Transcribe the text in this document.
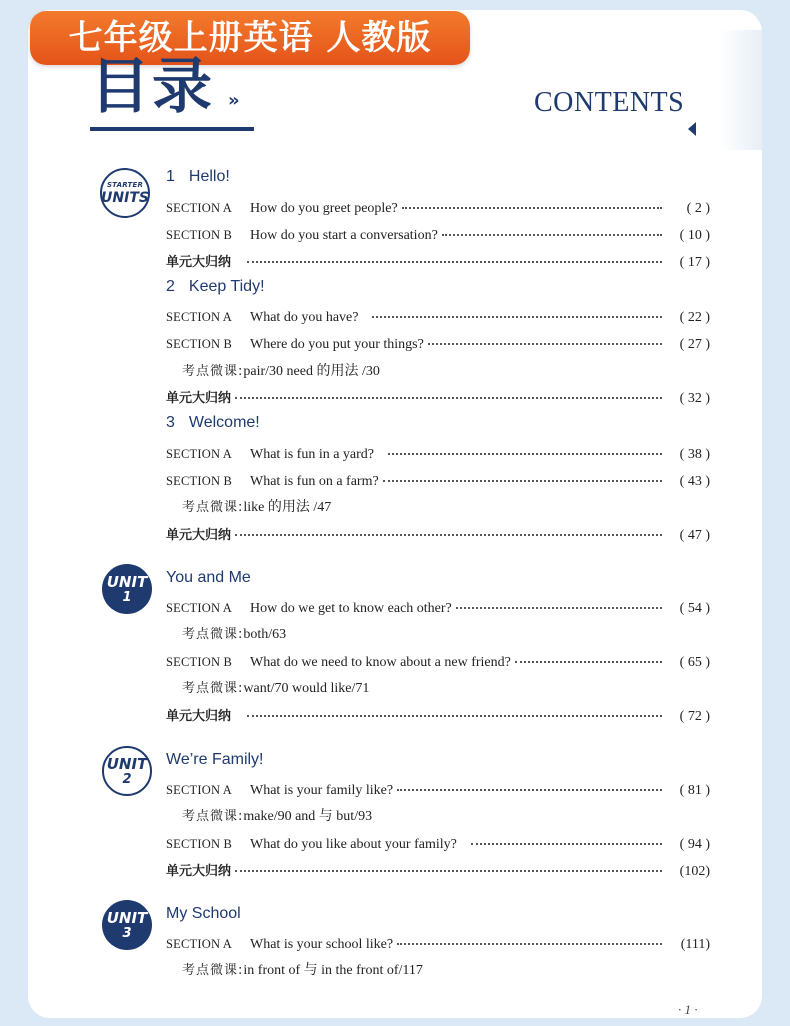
七年级上册英语 人教版
目录 »	CONTENTS
STARTER
UNITS
1 Hello!
SECTION A	How do you greet people?	( 2 )
SECTION B	How do you start a conversation?	( 10 )
单元大归纳	( 17 )
2 Keep Tidy!
SECTION A	What do you have?	( 22 )
SECTION B	Where do you put your things?	( 27 )
考点微课:pair/30 need 的用法 /30
单元大归纳	( 32 )
3 Welcome!
SECTION A	What is fun in a yard?	( 38 )
SECTION B	What is fun on a farm?	( 43 )
考点微课:like 的用法 /47
单元大归纳	( 47 )
UNIT
1
You and Me
SECTION A	How do we get to know each other?	( 54 )
考点微课:both/63
SECTION B	What do we need to know about a new friend?	( 65 )
考点微课:want/70 would like/71
单元大归纳	( 72 )
UNIT
2
We’re Family!
SECTION A	What is your family like?	( 81 )
考点微课:make/90 and 与 but/93
SECTION B	What do you like about your family?	( 94 )
单元大归纳	(102)
UNIT
3
My School
SECTION A	What is your school like?	(111)
考点微课:in front of 与 in the front of/117
· 1 ·
